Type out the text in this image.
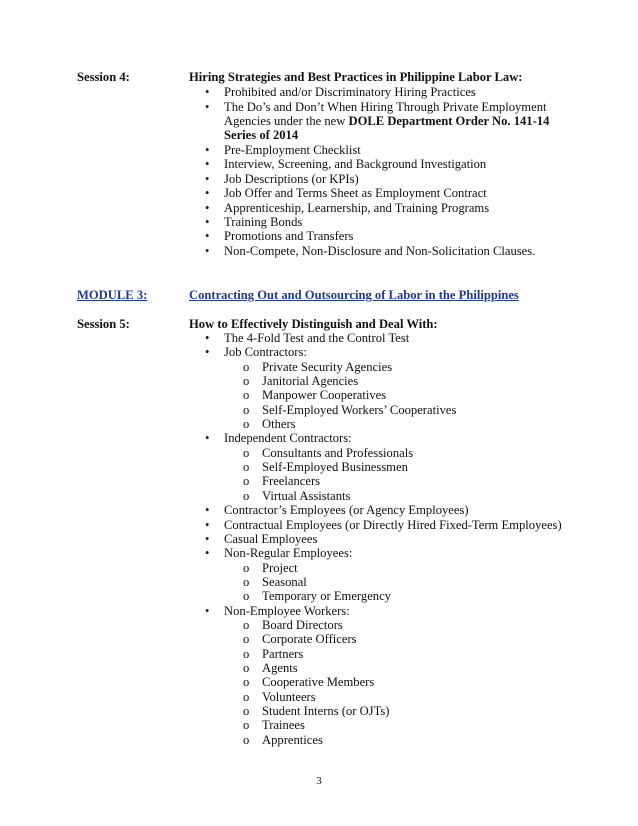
Session 4:	Hiring Strategies and Best Practices in Philippine Labor Law:
• Prohibited and/or Discriminatory Hiring Practices
• The Do’s and Don’t When Hiring Through Private Employment
Agencies under the new DOLE Department Order No. 141-14
Series of 2014
• Pre-Employment Checklist
• Interview, Screening, and Background Investigation
• Job Descriptions (or KPIs)
• Job Offer and Terms Sheet as Employment Contract
• Apprenticeship, Learnership, and Training Programs
• Training Bonds
• Promotions and Transfers
• Non-Compete, Non-Disclosure and Non-Solicitation Clauses.
MODULE 3:	Contracting Out and Outsourcing of Labor in the Philippines
Session 5:	How to Effectively Distinguish and Deal With:
• The 4-Fold Test and the Control Test
• Job Contractors:
o Private Security Agencies
o Janitorial Agencies
o Manpower Cooperatives
o Self-Employed Workers’ Cooperatives
o Others
• Independent Contractors:
o Consultants and Professionals
o Self-Employed Businessmen
o Freelancers
o Virtual Assistants
• Contractor’s Employees (or Agency Employees)
• Contractual Employees (or Directly Hired Fixed-Term Employees)
• Casual Employees
• Non-Regular Employees:
o Project
o Seasonal
o Temporary or Emergency
• Non-Employee Workers:
o Board Directors
o Corporate Officers
o Partners
o Agents
o Cooperative Members
o Volunteers
o Student Interns (or OJTs)
o Trainees
o Apprentices
3
